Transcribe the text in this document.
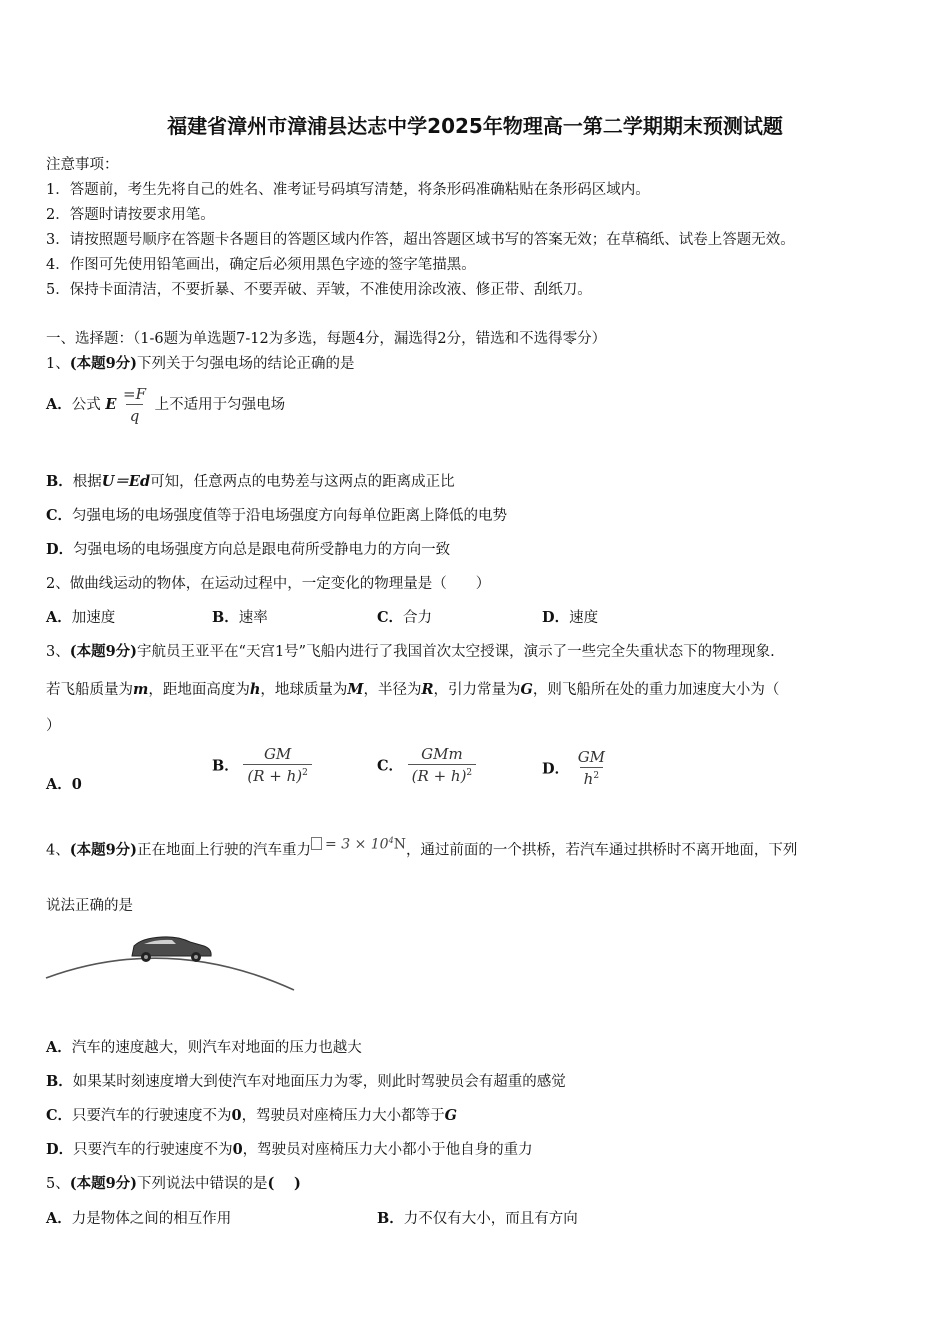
福建省漳州市漳浦县达志中学2025年物理高一第二学期期末预测试题
注意事项：
1．答题前，考生先将自己的姓名、准考证号码填写清楚，将条形码准确粘贴在条形码区域内。
2．答题时请按要求用笔。
3．请按照题号顺序在答题卡各题目的答题区域内作答，超出答题区域书写的答案无效；在草稿纸、试卷上答题无效。
4．作图可先使用铅笔画出，确定后必须用黑色字迹的签字笔描黑。
5．保持卡面清洁，不要折暴、不要弄破、弄皱，不准使用涂改液、修正带、刮纸刀。
一、选择题：（1-6题为单选题7-12为多选，每题4分，漏选得2分，错选和不选得零分）
1、(本题9分)下列关于匀强电场的结论正确的是
A．公式 E $\frac{=F}{q}$ 上不适用于匀强电场
B．根据U＝Ed可知，任意两点的电势差与这两点的距离成正比
C．匀强电场的电场强度值等于沿电场强度方向每单位距离上降低的电势
D．匀强电场的电场强度方向总是跟电荷所受静电力的方向一致
2、做曲线运动的物体，在运动过程中，一定变化的物理量是（　　）
A．加速度	B．速率	C．合力	D．速度
3、(本题9分)宇航员王亚平在“天宫1号”飞船内进行了我国首次太空授课，演示了一些完全失重状态下的物理现象.
若飞船质量为m，距地面高度为h，地球质量为M，半径为R，引力常量为G，则飞船所在处的重力加速度大小为（
）
A．0
B． $\frac{GM}{(R + h)^2}$	C． $\frac{\text{GMm}}{(R + h)^2}$	D． $\frac{GM}{h^2}$
4、(本题9分)正在地面上行驶的汽车重力 = $3 \times 10^4N$，通过前面的一个拱桥，若汽车通过拱桥时不离开地面，下列
说法正确的是
A．汽车的速度越大，则汽车对地面的压力也越大
B．如果某时刻速度增大到使汽车对地面压力为零，则此时驾驶员会有超重的感觉
C．只要汽车的行驶速度不为0，驾驶员对座椅压力大小都等于G
D．只要汽车的行驶速度不为0，驾驶员对座椅压力大小都小于他自身的重力
5、(本题9分)下列说法中错误的是(　 )
A．力是物体之间的相互作用	B．力不仅有大小，而且有方向
